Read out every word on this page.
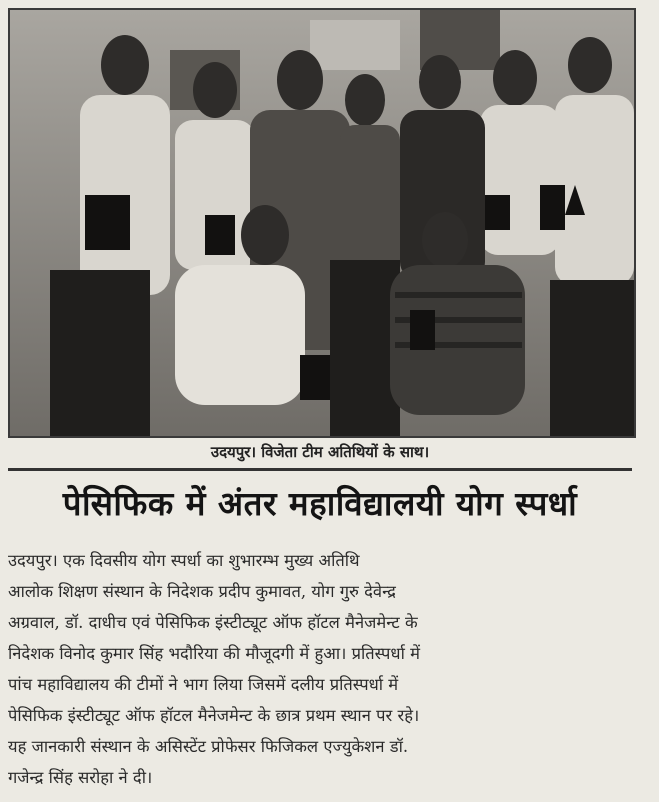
उदयपुर। विजेता टीम अतिथियों के साथ।
पेसिफिक में अंतर महाविद्यालयी योग स्पर्धा
उदयपुर। एक दिवसीय योग स्पर्धा का शुभारम्भ मुख्य अतिथि
आलोक शिक्षण संस्थान के निदेशक प्रदीप कुमावत, योग गुरु देवेन्द्र
अग्रवाल, डॉ. दाधीच एवं पेसिफिक इंस्टीट्यूट ऑफ हॉटल मैनेजमेन्ट के
निदेशक विनोद कुमार सिंह भदौरिया की मौजूदगी में हुआ। प्रतिस्पर्धा में
पांच महाविद्यालय की टीमों ने भाग लिया जिसमें दलीय प्रतिस्पर्धा में
पेसिफिक इंस्टीट्यूट ऑफ हॉटल मैनेजमेन्ट के छात्र प्रथम स्थान पर रहे।
यह जानकारी संस्थान के असिस्टेंट प्रोफेसर फिजिकल एज्युकेशन डॉ.
गजेन्द्र सिंह सरोहा ने दी।
